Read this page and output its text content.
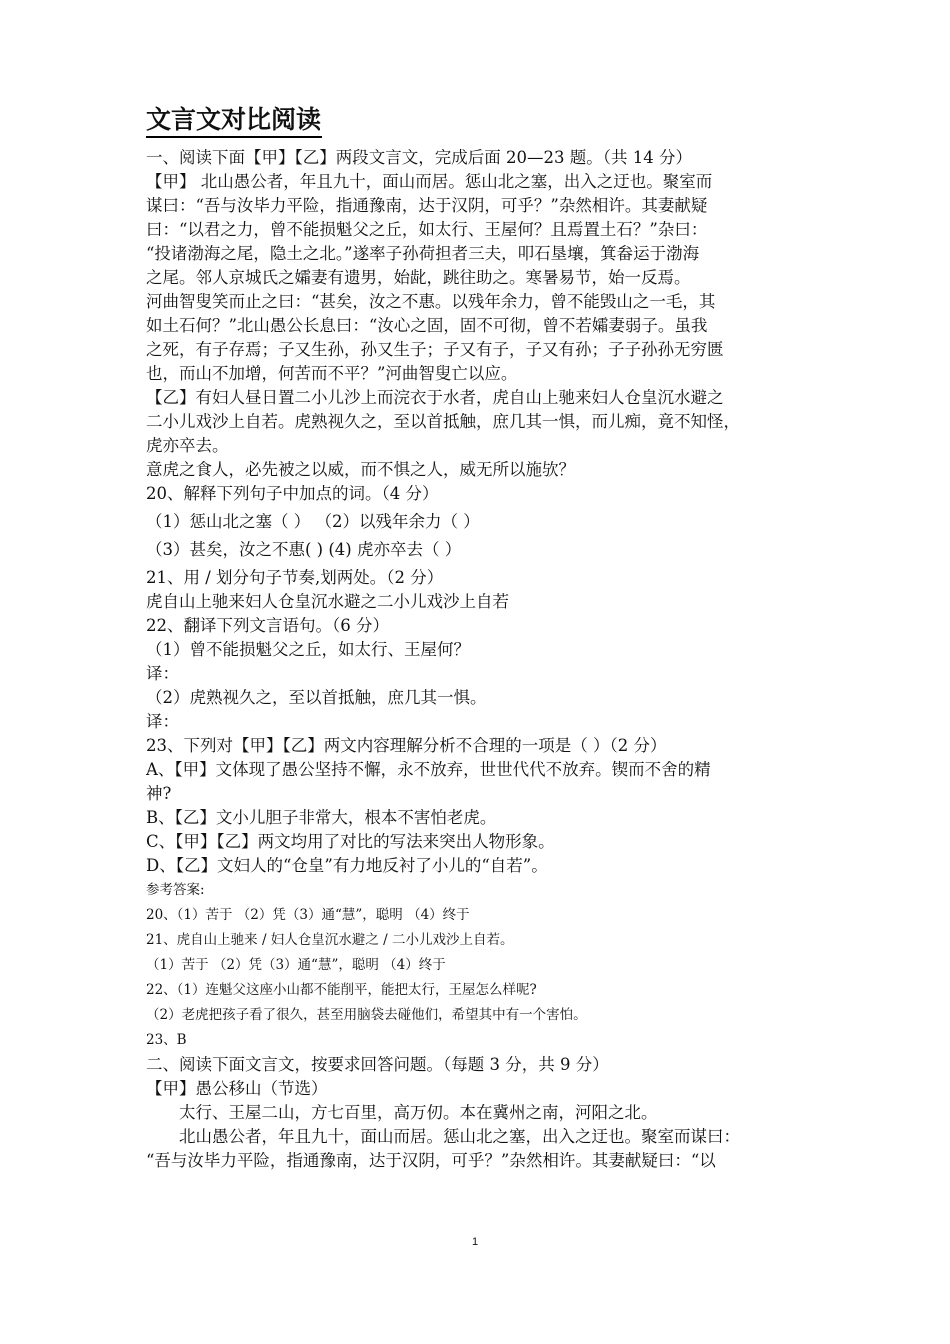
文言文对比阅读

一、阅读下面【甲】【乙】两段文言文，完成后面 20—23 题。（共 14 分）

【甲】 北山愚公者，年且九十，面山而居。惩山北之塞，出入之迂也。聚室而

谋曰：“吾与汝毕力平险，指通豫南，达于汉阴，可乎？”杂然相许。其妻献疑

曰：“以君之力，曾不能损魁父之丘，如太行、王屋何？且焉置土石？”杂曰：

“投诸渤海之尾，隐土之北。”遂率子孙荷担者三夫，叩石垦壤，箕畚运于渤海

之尾。邻人京城氏之孀妻有遗男，始龀，跳往助之。寒暑易节，始一反焉。

河曲智叟笑而止之曰：“甚矣，汝之不惠。以残年余力，曾不能毁山之一毛，其

如土石何？”北山愚公长息曰：“汝心之固，固不可彻，曾不若孀妻弱子。虽我

之死，有子存焉；子又生孙，孙又生子；子又有子，子又有孙；子子孙孙无穷匮

也，而山不加增，何苦而不平？”河曲智叟亡以应。

【乙】有妇人昼日置二小儿沙上而浣衣于水者，虎自山上驰来妇人仓皇沉水避之

二小儿戏沙上自若。虎熟视久之，至以首抵触，庶几其一惧，而儿痴，竟不知怪，

虎亦卒去。

意虎之食人，必先被之以威，而不惧之人，威无所以施欤？

20、解释下列句子中加点的词。（4 分）

（1）惩山北之塞（ ） （2）以残年余力（ ）

（3）甚矣，汝之不惠( ) (4) 虎亦卒去（ ）

21、用 / 划分句子节奏,划两处。（2 分）

虎自山上驰来妇人仓皇沉水避之二小儿戏沙上自若

22、翻译下列文言语句。（6 分）

（1）曾不能损魁父之丘，如太行、王屋何？

译：

（2）虎熟视久之，至以首抵触，庶几其一惧。

译：

23、下列对【甲】【乙】两文内容理解分析不合理的一项是（ ）（2 分）

A、【甲】文体现了愚公坚持不懈，永不放弃，世世代代不放弃。锲而不舍的精

神?

B、【乙】文小儿胆子非常大，根本不害怕老虎。

C、【甲】【乙】两文均用了对比的写法来突出人物形象。

D、【乙】文妇人的“仓皇”有力地反衬了小儿的“自若”。

参考答案:

20、（1）苦于 （2）凭（3）通“慧”，聪明 （4）终于

21、虎自山上驰来 / 妇人仓皇沉水避之 / 二小儿戏沙上自若。

（1）苦于 （2）凭（3）通“慧”，聪明 （4）终于

22、（1）连魁父这座小山都不能削平，能把太行，王屋怎么样呢?

（2）老虎把孩子看了很久，甚至用脑袋去碰他们，希望其中有一个害怕。

23、B

二、阅读下面文言文，按要求回答问题。（每题 3 分，共 9 分）

【甲】愚公移山（节选）

太行、王屋二山，方七百里，高万仞。本在冀州之南，河阳之北。

北山愚公者，年且九十，面山而居。惩山北之塞，出入之迂也。聚室而谋曰：

“吾与汝毕力平险，指通豫南，达于汉阴，可乎？”杂然相许。其妻献疑曰：“以

1
